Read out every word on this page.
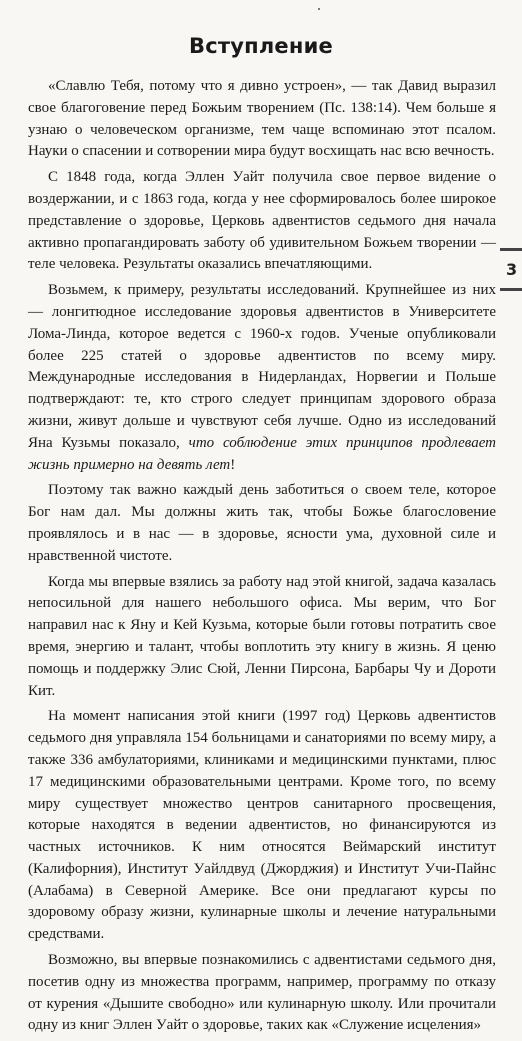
Вступление

«Славлю Тебя, потому что я дивно устроен», — так Давид выразил свое благоговение перед Божьим творением (Пс. 138:14). Чем больше я узнаю о человеческом организме, тем чаще вспоминаю этот псалом. Науки о спасении и сотворении мира будут восхищать нас всю вечность.

С 1848 года, когда Эллен Уайт получила свое первое видение о воздержании, и с 1863 года, когда у нее сформировалось более широкое представление о здоровье, Церковь адвентистов седьмого дня начала активно пропагандировать заботу об удивительном Божьем творении — теле человека. Результаты оказались впечатляющими.

Возьмем, к примеру, результаты исследований. Крупнейшее из них — лонгитюдное исследование здоровья адвентистов в Университете Лома-Линда, которое ведется с 1960-х годов. Ученые опубликовали более 225 статей о здоровье адвентистов по всему миру. Международные исследования в Нидерландах, Норвегии и Польше подтверждают: те, кто строго следует принципам здорового образа жизни, живут дольше и чувствуют себя лучше. Одно из исследований Яна Кузьмы показало, что соблюдение этих принципов продлевает жизнь примерно на девять лет!

Поэтому так важно каждый день заботиться о своем теле, которое Бог нам дал. Мы должны жить так, чтобы Божье благословение проявлялось и в нас — в здоровье, ясности ума, духовной силе и нравственной чистоте.

Когда мы впервые взялись за работу над этой книгой, задача казалась непосильной для нашего небольшого офиса. Мы верим, что Бог направил нас к Яну и Кей Кузьма, которые были готовы потратить свое время, энергию и талант, чтобы воплотить эту книгу в жизнь. Я ценю помощь и поддержку Элис Сюй, Ленни Пирсона, Барбары Чу и Дороти Кит.

На момент написания этой книги (1997 год) Церковь адвентистов седьмого дня управляла 154 больницами и санаториями по всему миру, а также 336 амбулаториями, клиниками и медицинскими пунктами, плюс 17 медицинскими образовательными центрами. Кроме того, по всему миру существует множество центров санитарного просвещения, которые находятся в ведении адвентистов, но финансируются из частных источников. К ним относятся Веймарский институт (Калифорния), Институт Уайлдвуд (Джорджия) и Институт Учи-Пайнс (Алабама) в Северной Америке. Все они предлагают курсы по здоровому образу жизни, кулинарные школы и лечение натуральными средствами.

Возможно, вы впервые познакомились с адвентистами седьмого дня, посетив одну из множества программ, например, программу по отказу от курения «Дышите свободно» или кулинарную школу. Или прочитали одну из книг Эллен Уайт о здоровье, таких как «Служение исцеления»

3
